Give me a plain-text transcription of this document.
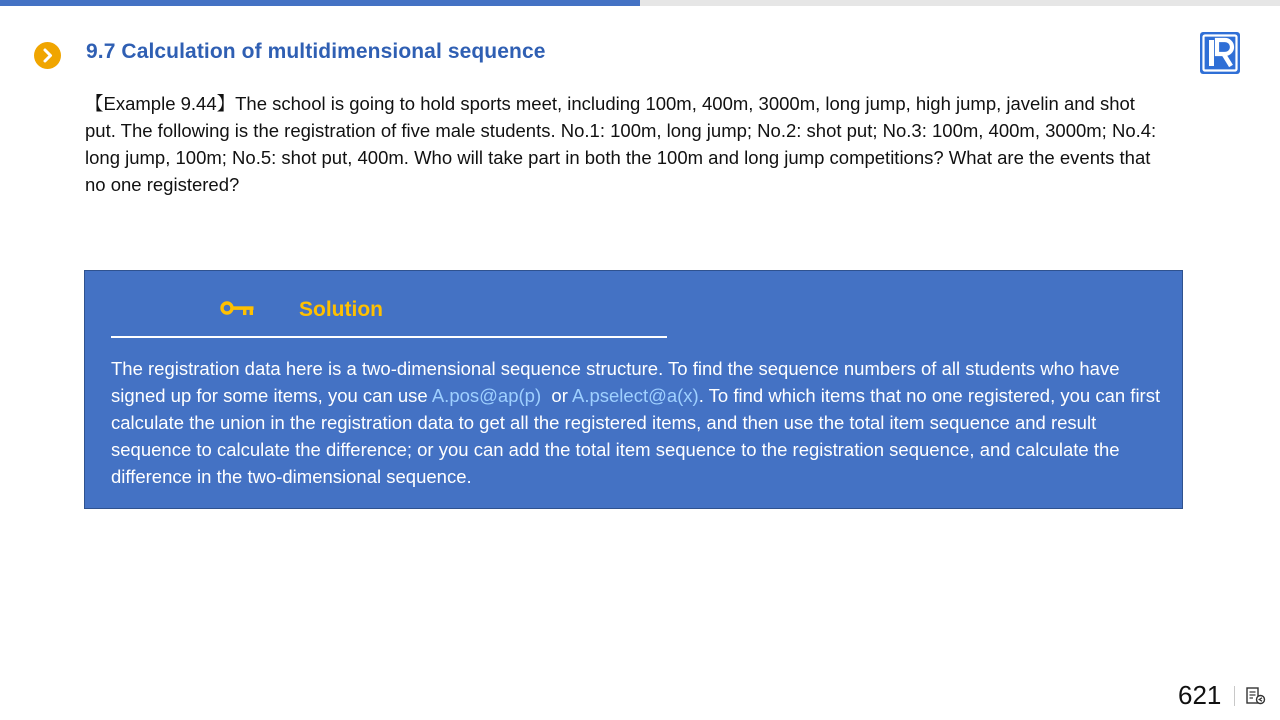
9.7 Calculation of multidimensional sequence
【Example 9.44】The school is going to hold sports meet, including 100m, 400m, 3000m, long jump, high jump, javelin and shot put. The following is the registration of five male students. No.1: 100m, long jump; No.2: shot put; No.3: 100m, 400m, 3000m; No.4: long jump, 100m; No.5: shot put, 400m. Who will take part in both the 100m and long jump competitions? What are the events that no one registered?
Solution
The registration data here is a two-dimensional sequence structure. To find the sequence numbers of all students who have signed up for some items, you can use A.pos@ap(p)  or A.pselect@a(x). To find which items that no one registered, you can first calculate the union in the registration data to get all the registered items, and then use the total item sequence and result sequence to calculate the difference; or you can add the total item sequence to the registration sequence, and calculate the difference in the two-dimensional sequence.
621
